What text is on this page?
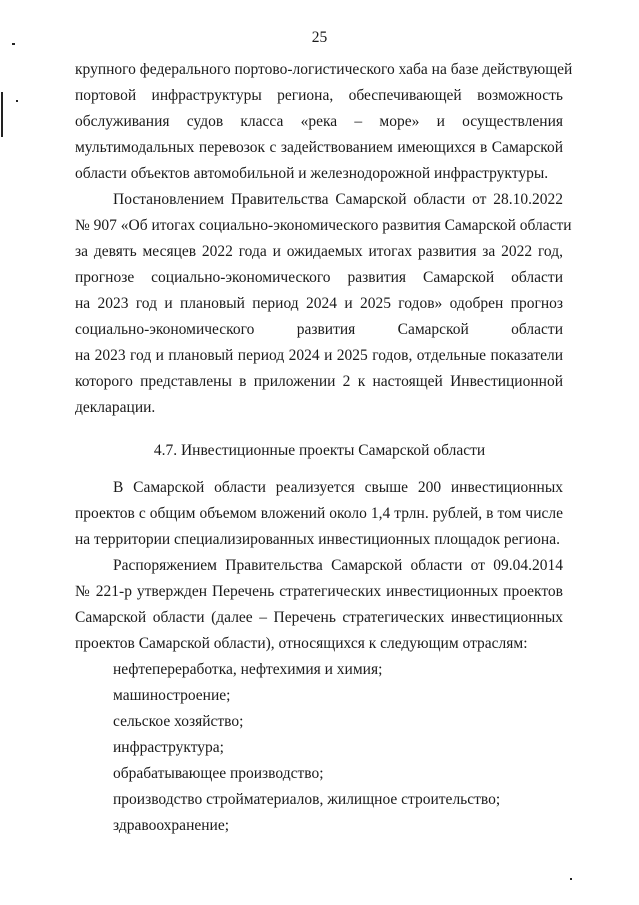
25
крупного федерального портово-логистического хаба на базе действующей
портовой инфраструктуры региона, обеспечивающей возможность
обслуживания судов класса «река – море» и осуществления
мультимодальных перевозок с задействованием имеющихся в Самарской
области объектов автомобильной и железнодорожной инфраструктуры.
Постановлением Правительства Самарской области от 28.10.2022
№ 907 «Об итогах социально-экономического развития Самарской области
за девять месяцев 2022 года и ожидаемых итогах развития за 2022 год,
прогнозе социально-экономического развития Самарской области
на 2023 год и плановый период 2024 и 2025 годов» одобрен прогноз
социально-экономического развития Самарской области
на 2023 год и плановый период 2024 и 2025 годов, отдельные показатели
которого представлены в приложении 2 к настоящей Инвестиционной
декларации.
4.7. Инвестиционные проекты Самарской области
В Самарской области реализуется свыше 200 инвестиционных
проектов с общим объемом вложений около 1,4 трлн. рублей, в том числе
на территории специализированных инвестиционных площадок региона.
Распоряжением Правительства Самарской области от 09.04.2014
№ 221-р утвержден Перечень стратегических инвестиционных проектов
Самарской области (далее – Перечень стратегических инвестиционных
проектов Самарской области), относящихся к следующим отраслям:
нефтепереработка, нефтехимия и химия;
машиностроение;
сельское хозяйство;
инфраструктура;
обрабатывающее производство;
производство стройматериалов, жилищное строительство;
здравоохранение;
